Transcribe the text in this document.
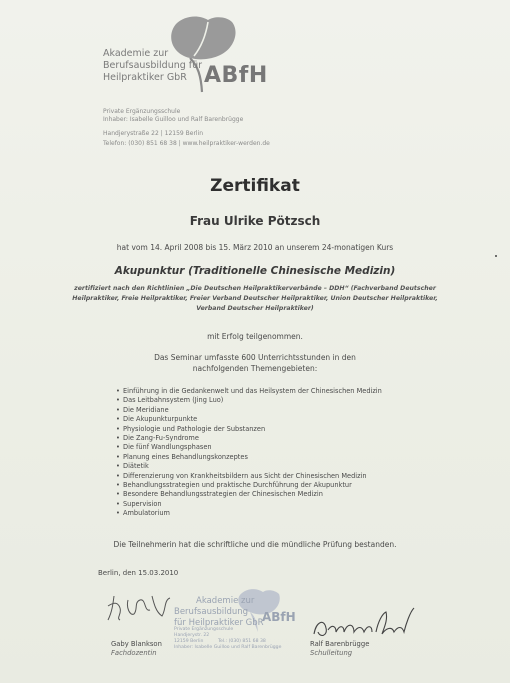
Akademie zur
Berufsausbildung für
Heilpraktiker GbR ABfH
Private Ergänzungsschule
Inhaber: Isabelle Guilloo und Ralf Barenbrügge
Handjerystraße 22 | 12159 Berlin
Telefon: (030) 851 68 38 | www.heilpraktiker-werden.de
Zertifikat
Frau Ulrike Pötzsch
hat vom 14. April 2008 bis 15. März 2010 an unserem 24-monatigen Kurs
Akupunktur (Traditionelle Chinesische Medizin)
zertifiziert nach den Richtlinien „Die Deutschen Heilpraktikerverbände – DDH“ (Fachverband Deutscher
Heilpraktiker, Freie Heilpraktiker, Freier Verband Deutscher Heilpraktiker, Union Deutscher Heilpraktiker,
Verband Deutscher Heilpraktiker)
mit Erfolg teilgenommen.
Das Seminar umfasste 600 Unterrichtsstunden in den
nachfolgenden Themengebieten:
• Einführung in die Gedankenwelt und das Heilsystem der Chinesischen Medizin
• Das Leitbahnsystem (Jing Luo)
• Die Meridiane
• Die Akupunkturpunkte
• Physiologie und Pathologie der Substanzen
• Die Zang-Fu-Syndrome
• Die fünf Wandlungsphasen
• Planung eines Behandlungskonzeptes
• Diätetik
• Differenzierung von Krankheitsbildern aus Sicht der Chinesischen Medizin
• Behandlungsstrategien und praktische Durchführung der Akupunktur
• Besondere Behandlungsstrategien der Chinesischen Medizin
• Supervision
• Ambulatorium
Die Teilnehmerin hat die schriftliche und die mündliche Prüfung bestanden.
Berlin, den 15.03.2010
Akademie zur
Berufsausbildung
für Heilpraktiker GbR
ABfH
Private Ergänzungsschule
Handjerystr. 22
12159 Berlin	Tel.: (030) 851 68 38
Inhaber: Isabelle Guilloo und Ralf Barenbrügge
Gaby Blankson
Fachdozentin
Ralf Barenbrügge
Schulleitung
